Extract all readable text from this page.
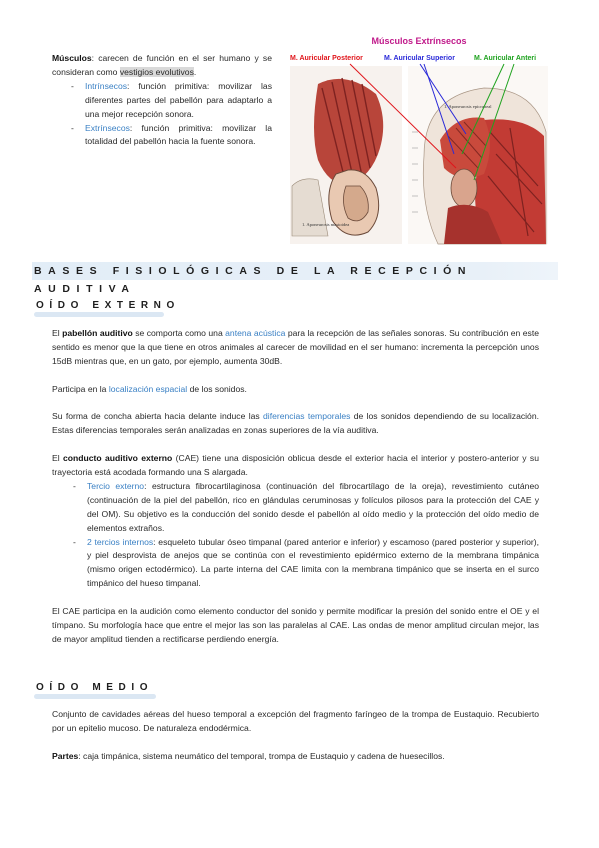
Músculos: carecen de función en el ser humano y se consideran como vestigios evolutivos.

- Intrínsecos: función primitiva: movilizar las diferentes partes del pabellón para adaptarlo a una mejor recepción sonora.
- Extrínsecos: función primitiva: movilizar la totalidad del pabellón hacia la fuente sonora.
Músculos Extrínsecos
M. Auricular Posterior	M. Auricular Superior	M. Auricular Anteri
1. Aponeurosis mastoidea
1. Aponeurosis epicraneal
BASES FISIOLÓGICAS DE LA RECEPCIÓN AUDITIVA
OÍDO EXTERNO

El pabellón auditivo se comporta como una antena acústica para la recepción de las señales sonoras. Su contribución en este sentido es menor que la que tiene en otros animales al carecer de movilidad en el ser humano: incrementa la percepción unos 15dB mientras que, en un gato, por ejemplo, aumenta 30dB.

Participa en la localización espacial de los sonidos.

Su forma de concha abierta hacia delante induce las diferencias temporales de los sonidos dependiendo de su localización. Estas diferencias temporales serán analizadas en zonas superiores de la vía auditiva.

El conducto auditivo externo (CAE) tiene una disposición oblicua desde el exterior hacia el interior y postero-anterior y su trayectoria está acodada formando una S alargada.

- Tercio externo: estructura fibrocartilaginosa (continuación del fibrocartílago de la oreja), revestimiento cutáneo (continuación de la piel del pabellón, rico en glándulas ceruminosas y folículos pilosos para la protección del CAE y del OM). Su objetivo es la conducción del sonido desde el pabellón al oído medio y la protección del oído medio de elementos extraños.
- 2 tercios internos: esqueleto tubular óseo timpanal (pared anterior e inferior) y escamoso (pared posterior y superior), y piel desprovista de anejos que se continúa con el revestimiento epidérmico externo de la membrana timpánica (mismo origen ectodérmico). La parte interna del CAE limita con la membrana timpánico que se inserta en el surco timpánico del hueso timpanal.

El CAE participa en la audición como elemento conductor del sonido y permite modificar la presión del sonido entre el OE y el tímpano. Su morfología hace que entre el mejor las son las paralelas al CAE. Las ondas de menor amplitud circulan mejor, las de mayor amplitud tienden a rectificarse perdiendo energía.

OÍDO MEDIO

Conjunto de cavidades aéreas del hueso temporal a excepción del fragmento faríngeo de la trompa de Eustaquio. Recubierto por un epitelio mucoso. De naturaleza endodérmica.

Partes: caja timpánica, sistema neumático del temporal, trompa de Eustaquio y cadena de huesecillos.
